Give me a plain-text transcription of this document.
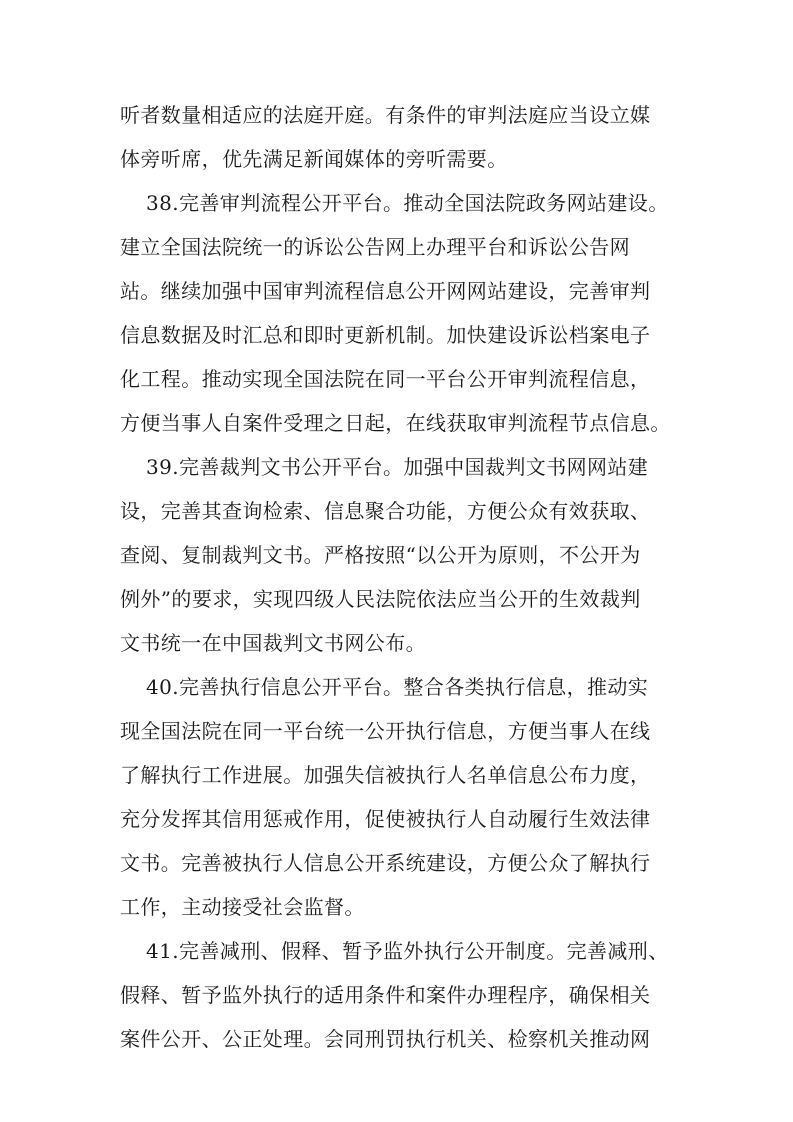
听者数量相适应的法庭开庭。有条件的审判法庭应当设立媒
体旁听席，优先满足新闻媒体的旁听需要。
38.完善审判流程公开平台。推动全国法院政务网站建设。
建立全国法院统一的诉讼公告网上办理平台和诉讼公告网
站。继续加强中国审判流程信息公开网网站建设，完善审判
信息数据及时汇总和即时更新机制。加快建设诉讼档案电子
化工程。推动实现全国法院在同一平台公开审判流程信息，
方便当事人自案件受理之日起，在线获取审判流程节点信息。
39.完善裁判文书公开平台。加强中国裁判文书网网站建
设，完善其查询检索、信息聚合功能，方便公众有效获取、
查阅、复制裁判文书。严格按照“以公开为原则，不公开为
例外”的要求，实现四级人民法院依法应当公开的生效裁判
文书统一在中国裁判文书网公布。
40.完善执行信息公开平台。整合各类执行信息，推动实
现全国法院在同一平台统一公开执行信息，方便当事人在线
了解执行工作进展。加强失信被执行人名单信息公布力度，
充分发挥其信用惩戒作用，促使被执行人自动履行生效法律
文书。完善被执行人信息公开系统建设，方便公众了解执行
工作，主动接受社会监督。
41.完善减刑、假释、暂予监外执行公开制度。完善减刑、
假释、暂予监外执行的适用条件和案件办理程序，确保相关
案件公开、公正处理。会同刑罚执行机关、检察机关推动网
